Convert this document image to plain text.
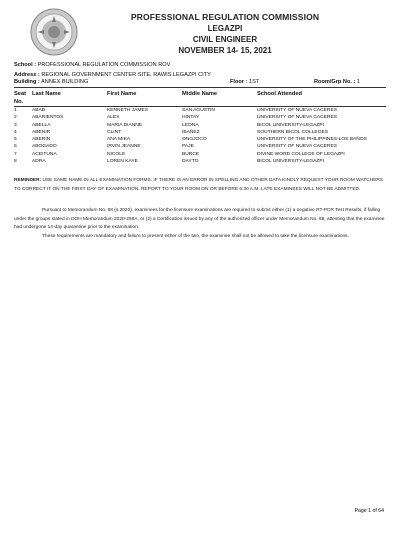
PROFESSIONAL REGULATION COMMISSION
LEGAZPI
CIVIL ENGINEER
NOVEMBER 14- 15, 2021
School : PROFESSIONAL REGULATION COMMISSION ROV
Address : REGIONAL GOVERNMENT CENTER SITE, RAWIS LEGAZPI CITY
Building : ANNEX BUILDING	Floor : 1ST	Room/Grp No. : 1
Seat
No.
Last Name	First Name	Middle Name	School Attended
1	ABAD	KENNETH JAMES	SAN AGUSTIN	UNIVERSITY OF NUEVA CACERES
2	ABARIENTOS	ALEX	HINTAY	UNIVERSITY OF NUEVA CACERES
3	ABELLA	MARIA DIANNE	LEONA	BICOL UNIVERSITY-LEGAZPI
4	ABENIR	CLINT	IBAÑEZ	SOUTHERN BICOL COLLEGES
5	ABERIN	ANA MIKA	ONGJOCO	UNIVERSITY OF THE PHILIPPINES-LOS BAÑOS
6	ABOGADO	IRVIN JEANNE	PAJE	UNIVERSITY OF NUEVA CACERES
7	ACEITUNA	NICOLE	BURCE	DIVINE WORD COLLEGE OF LEGAZPI
8	ADRA	LOREN KAYE	DAYTO	BICOL UNIVERSITY-LEGAZPI
REMINDER: USE SAME NAME IN ALL EXAMINATION FORMS. IF THERE IS AN ERROR IN SPELLING AND OTHER DATA KINDLY REQUEST YOUR ROOM WATCHERS TO CORRECT IT ON THE FIRST DAY OF EXAMINATION. REPORT TO YOUR ROOM ON OR BEFORE 6:30 A.M. LATE EXAMINEES WILL NOT BE ADMITTED.
Pursuant to Memorandum No. 68 (s.2020), examinees for the licensure examinations are required to submit either (1) a negative RT-PCR Test Results, if falling under the groups stated in DOH Memorandum 2020-258A, or (2) a Certification issued by any of the authorized officer under Memorandum No. 68, attesting that the examinee had undergone 14-day quarantine prior to the examination.
These requirements are mandatory and failure to present either of the two, the examinee shall not be allowed to take the licensure examinations.
Page 1 of 64
